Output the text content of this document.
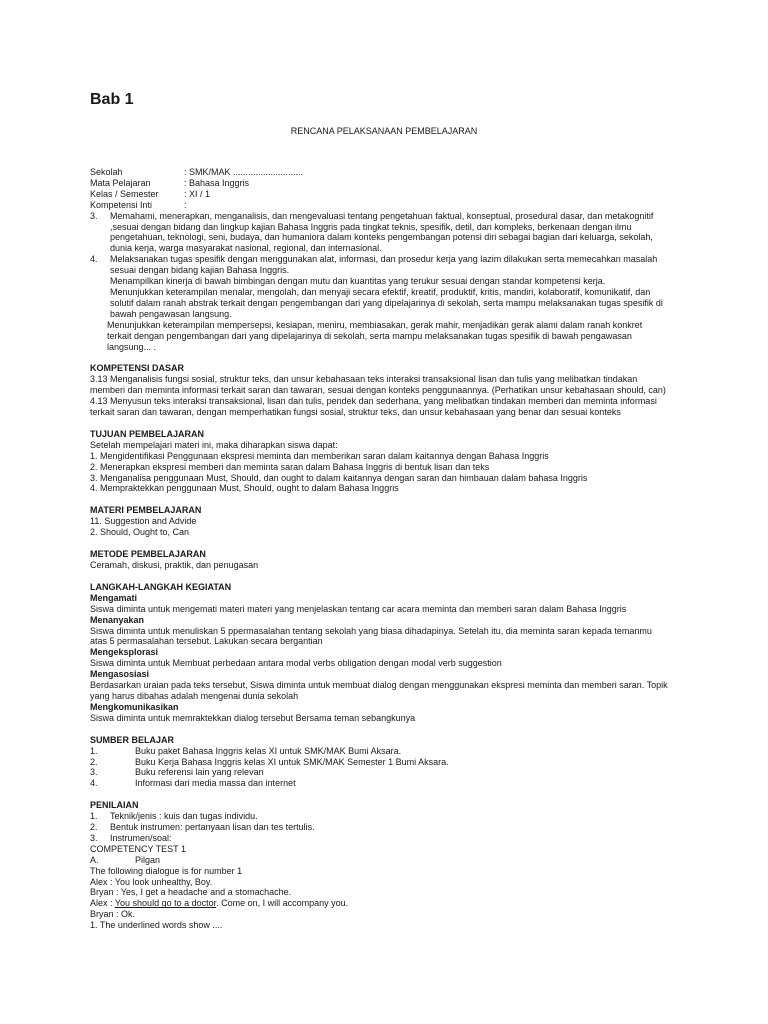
Bab 1
RENCANA PELAKSANAAN PEMBELAJARAN
Sekolah	: SMK/MAK ............................
Mata Pelajaran	: Bahasa Inggris
Kelas / Semester	: XI / 1
Kompetensi Inti	:
3.	Memahami, menerapkan, menganalisis, dan mengevaluasi tentang pengetahuan faktual, konseptual, prosedural dasar, dan metakognitif ,sesuai dengan bidang dan lingkup kajian Bahasa Inggris pada tingkat teknis, spesifik, detil, dan kompleks, berkenaan dengan ilmu pengetahuan, teknologi, seni, budaya, dan humaniora dalam konteks pengembangan potensi diri sebagai bagian dari keluarga, sekolah, dunia kerja, warga masyarakat nasional, regional, dan internasional.
4.	Melaksanakan tugas spesifik dengan menggunakan alat, informasi, dan prosedur kerja yang lazim dilakukan serta memecahkan masalah sesuai dengan bidang kajian Bahasa Inggris.

Menampilkan kinerja di bawah bimbingan dengan mutu dan kuantitas yang terukur sesuai dengan standar kompetensi kerja.

Menunjukkan keterampilan menalar, mengolah, dan menyaji secara efektif, kreatif, produktif, kritis, mandiri, kolaboratif, komunikatif, dan solutif dalam ranah abstrak terkait dengan pengembangan dari yang dipelajarinya di sekolah, serta mampu melaksanakan tugas spesifik di bawah pengawasan langsung.

Menunjukkan keterampilan mempersepsi, kesiapan, meniru, membiasakan, gerak mahir, menjadikan gerak alami dalam ranah konkret terkait dengan pengembangan dari yang dipelajarinya di sekolah, serta mampu melaksanakan tugas spesifik di bawah pengawasan langsung... .

KOMPETENSI DASAR

3.13 Menganalisis fungsi sosial, struktur teks, dan unsur kebahasaan teks interaksi transaksional lisan dan tulis yang melibatkan tindakan memberi dan meminta informasi terkait saran dan tawaran, sesuai dengan konteks penggunaannya. (Perhatikan unsur kebahasaan should, can)

4.13 Menyusun teks interaksi transaksional, lisan dan tulis, pendek dan sederhana, yang melibatkan tindakan memberi dan meminta informasi terkait saran dan tawaran, dengan memperhatikan fungsi sosial, struktur teks, dan unsur kebahasaan yang benar dan sesuai konteks

TUJUAN PEMBELAJARAN

Setelah mempelajari materi ini, maka diharapkan siswa dapat:

1. Mengidentifikasi Penggunaan ekspresi meminta dan memberikan saran dalam kaitannya dengan Bahasa Inggris

2. Menerapkan ekspresi memberi dan meminta saran dalam Bahasa Inggris di bentuk lisan dan teks

3. Menganalisa penggunaan Must, Should, dan ought to dalam kaitannya dengan saran dan himbauan dalam bahasa Inggris

4. Mempraktekkan penggunaan Must, Should, ought to dalam Bahasa Inggris

MATERI PEMBELAJARAN

11. Suggestion and Advide

2. Should, Ought to, Can

METODE PEMBELAJARAN

Ceramah, diskusi, praktik, dan penugasan

LANGKAH-LANGKAH KEGIATAN

Mengamati

Siswa diminta untuk mengemati materi materi yang menjelaskan tentang car acara meminta dan memberi saran dalam Bahasa Inggris

Menanyakan

Siswa diminta untuk menuliskan 5 ppermasalahan tentang sekolah yang biasa dihadapinya. Setelah itu, dia meminta saran kepada temanmu atas 5 permasalahan tersebut. Lakukan secara bergantian

Mengeksplorasi

Siswa diminta untuk Membuat perbedaan antara modal verbs obligation dengan modal verb suggestion

Mengasosiasi

Berdasarkan uraian pada teks tersebut, Siswa diminta untuk membuat dialog dengan menggunakan ekspresi meminta dan memberi saran. Topik yang harus dibahas adalah mengenai dunia sekolah

Mengkomunikasikan

Siswa diminta untuk memraktekkan dialog tersebut Bersama teman sebangkunya

SUMBER BELAJAR

1.	Buku paket Bahasa Inggris kelas XI untuk SMK/MAK Bumi Aksara.
2.	Buku Kerja Bahasa Inggris kelas XI untuk SMK/MAK Semester 1 Bumi Aksara.
3.	Buku referensi lain yang relevan
4.	Informasi dari media massa dan internet

PENILAIAN

1.	Teknik/jenis : kuis dan tugas individu.
2.	Bentuk instrumen: pertanyaan lisan dan tes tertulis.
3.	Instrumen/soal:

COMPETENCY TEST 1

A.	Pilgan

The following dialogue is for number 1

Alex : You look unhealthy, Boy.

Bryan : Yes, I get a headache and a stomachache.

Alex : You should go to a doctor. Come on, I will accompany you.

Bryan : Ok.

1. The underlined words show ....
